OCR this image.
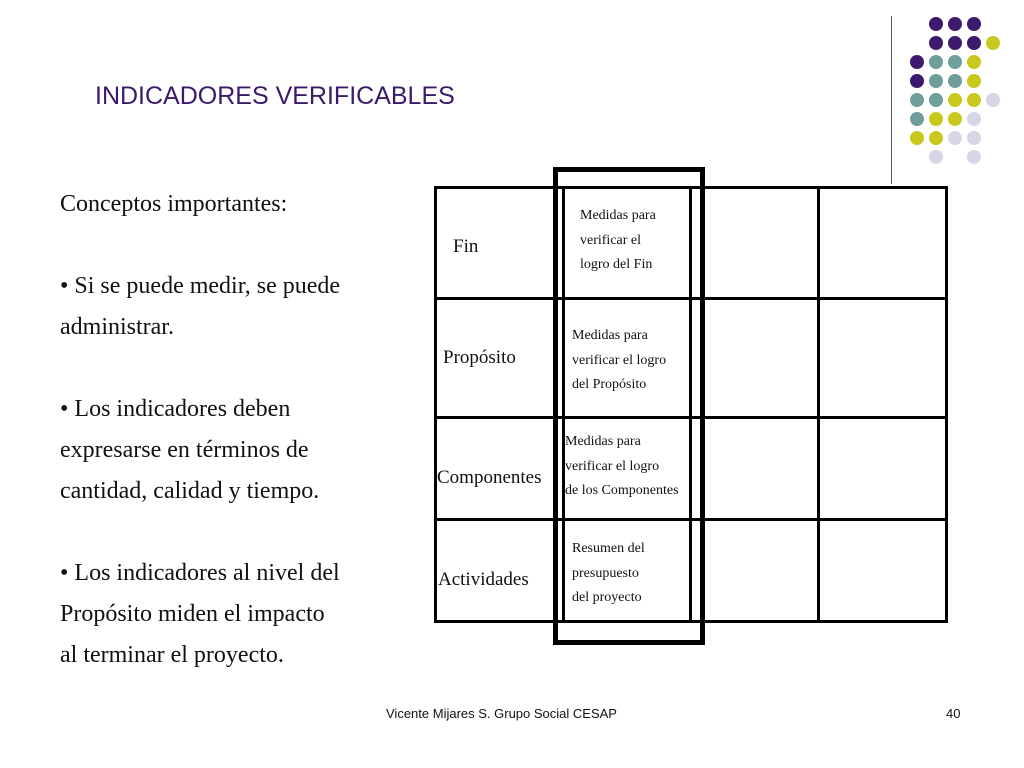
INDICADORES VERIFICABLES
Conceptos importantes:
• Si se puede medir, se puede
administrar.
• Los indicadores deben
expresarse en términos de
cantidad, calidad y tiempo.
• Los indicadores al nivel del
Propósito miden el impacto
al terminar el proyecto.
Fin
Propósito
Componentes
Actividades
Medidas para
verificar el
logro del Fin
Medidas para
verificar el logro
del Propósito
Medidas para
verificar el logro
de los Componentes
Resumen del
presupuesto
del proyecto
Vicente Mijares S. Grupo Social CESAP	40
